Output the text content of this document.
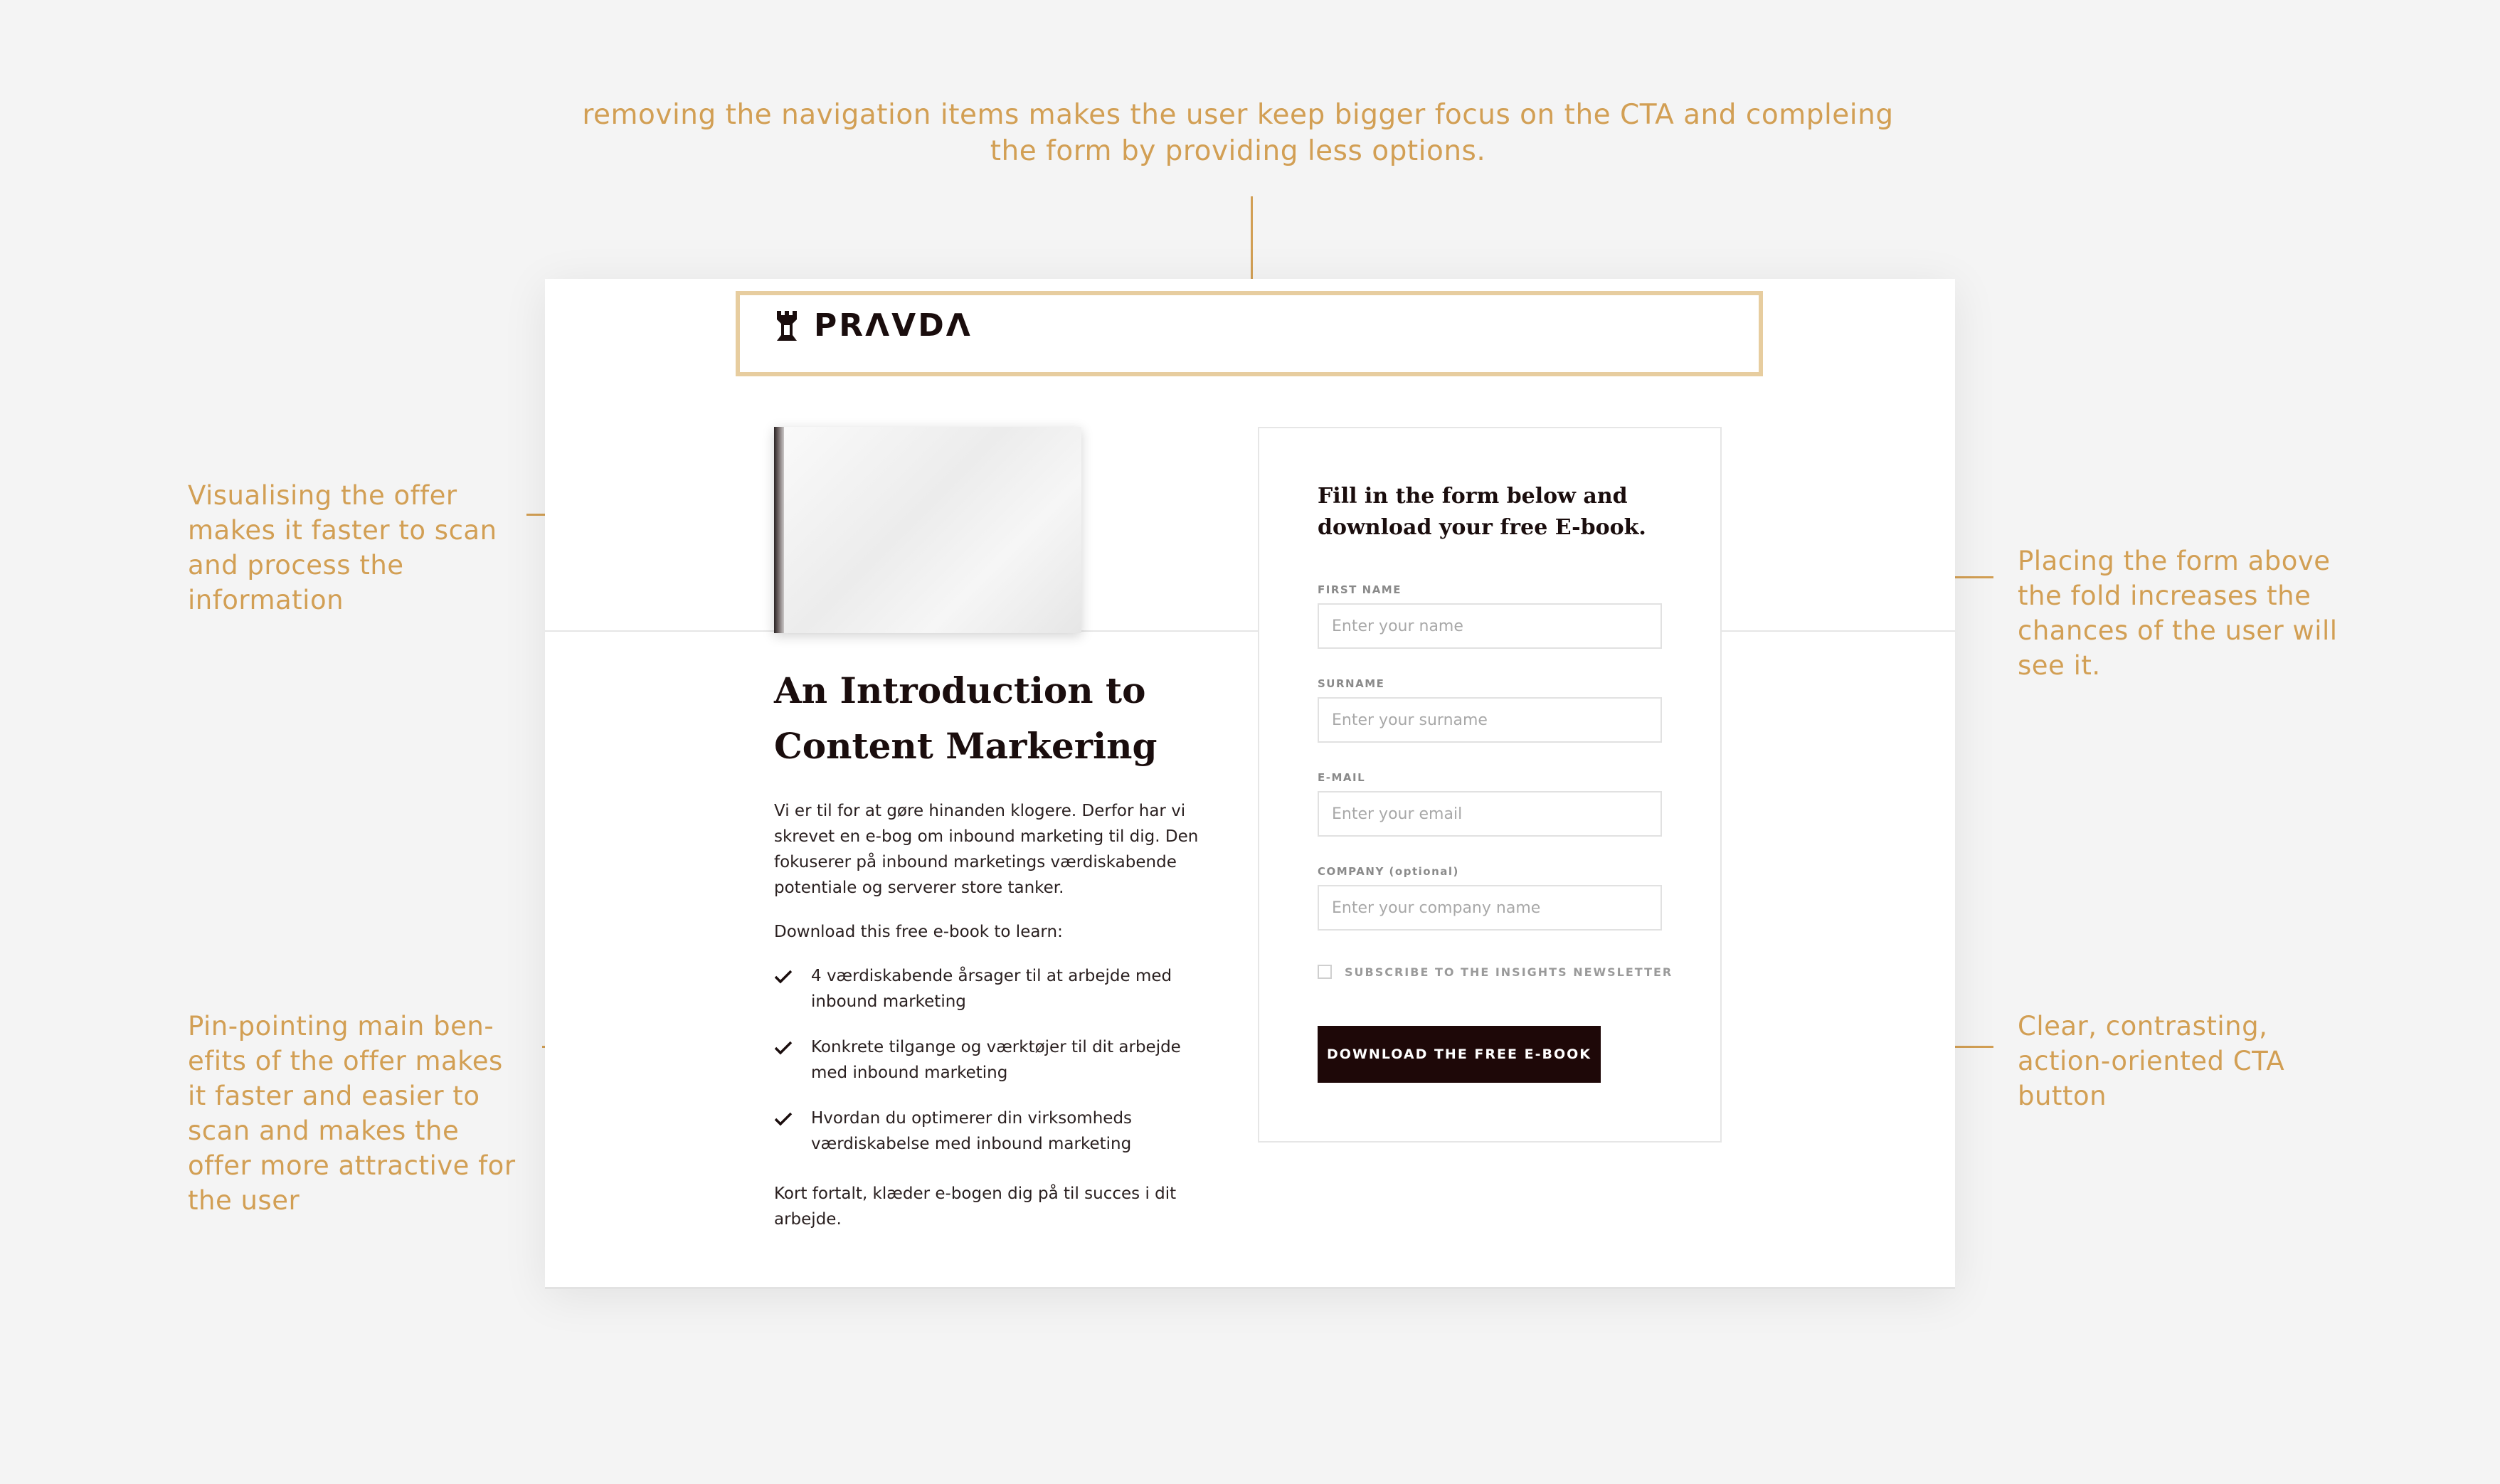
removing the navigation items makes the user keep bigger focus on the CTA and compleing the form by providing less options.
Visualising the offer makes it faster to scan and process the information
Pin-pointing main ben-efits of the offer makes it faster and easier to scan and makes the offer more attractive for the user
Placing the form above the fold increases the chances of the user will see it.
Clear, contrasting, action-oriented CTA button
PRΛVDΛ
An Introduction to Content Markering

Vi er til for at gøre hinanden klogere. Derfor har vi skrevet en e-bog om inbound marketing til dig. Den fokuserer på inbound marketings værdiskabende potentiale og serverer store tanker.

Download this free e-book to learn:

4 værdiskabende årsager til at arbejde med inbound marketing
Konkrete tilgange og værktøjer til dit arbejde med inbound marketing
Hvordan du optimerer din virksomheds værdiskabelse med inbound marketing

Kort fortalt, klæder e-bogen dig på til succes i dit arbejde.

Fill in the form below and download your free E-book.
FIRST NAME
Enter your name
SURNAME
Enter your surname
E-MAIL
Enter your email
COMPANY (optional)
Enter your company name
SUBSCRIBE TO THE INSIGHTS NEWSLETTER
DOWNLOAD THE FREE E-BOOK
